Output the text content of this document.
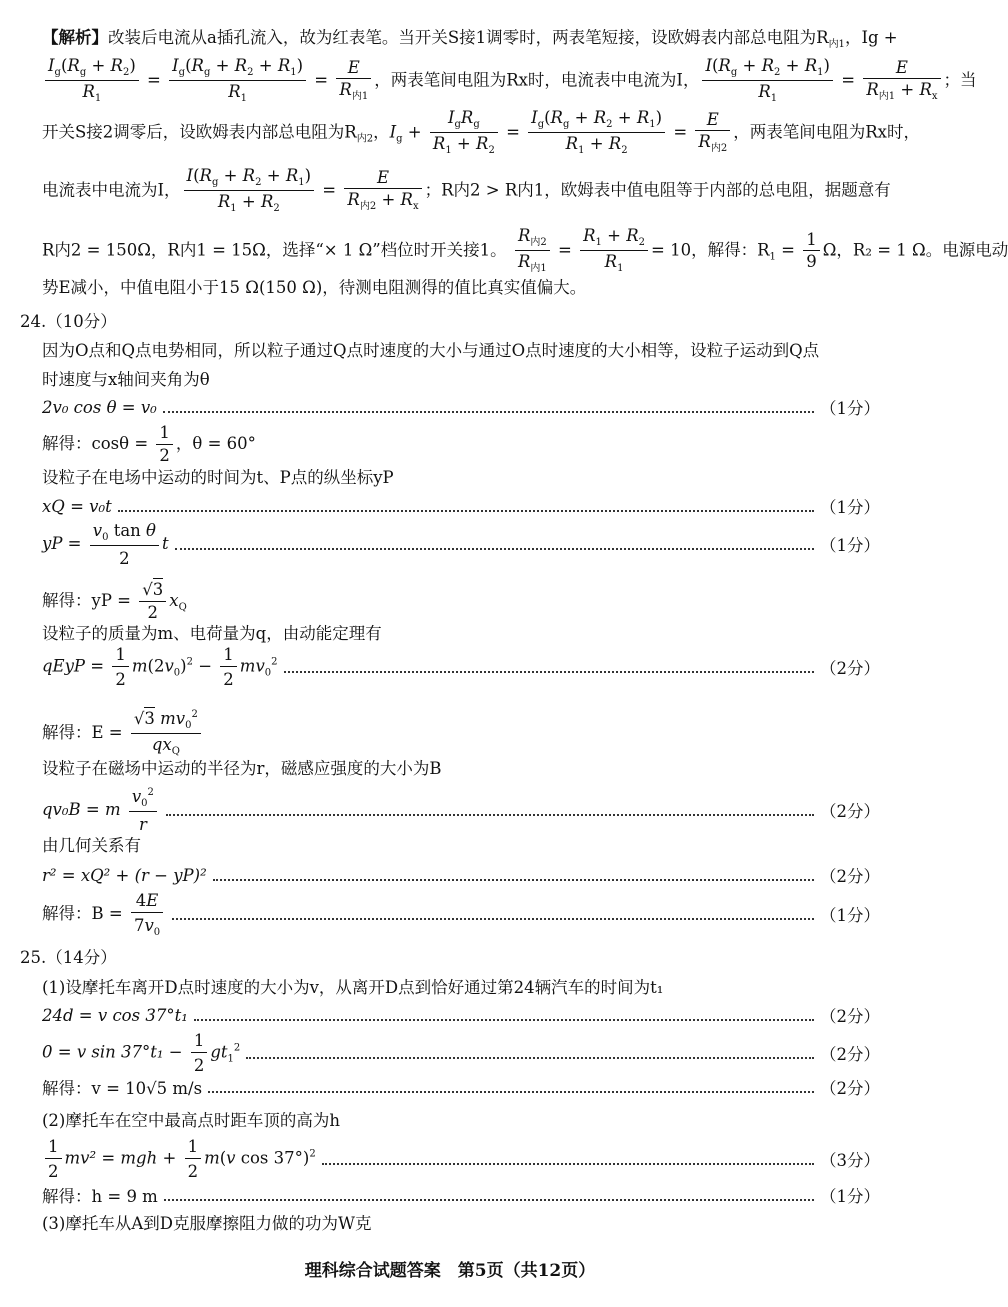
【解析】改装后电流从a插孔流入，故为红表笔。当开关S接1调零时，两表笔短接，设欧姆表内部总电阻为$R_{内1}$，Ig +
$\frac{I_g(R_g + R_2)}{R_1} = \frac{I_g(R_g + R_2 + R_1)}{R_1} = \frac{E}{R_{内1}}$ ，两表笔间电阻为Rx时，电流表中电流为I， $\frac{I(R_g + R_2 + R_1)}{R_1} = \frac{E}{R_{内1} + R_x}$ ；当
开关S接2调零后，设欧姆表内部总电阻为$R_{内2}$，$I_g + \frac{I_gR_g}{R_1 + R_2} = \frac{I_g(R_g + R_2 + R_1)}{R_1 + R_2} = \frac{E}{R_{内2}}$ ，两表笔间电阻为Rx时，
电流表中电流为I， $\frac{I(R_g + R_2 + R_1)}{R_1 + R_2} = \frac{E}{R_{内2} + R_x}$ ；R内2 > R内1，欧姆表中值电阻等于内部的总电阻，据题意有
R内2 = 150Ω，R内1 = 15Ω，选择“× 1 Ω”档位时开关接1。 $\frac{R_{内2}}{R_{内1}} = \frac{R_1 + R_2}{R_1} = 10$，解得：$R_1 = \frac{1}{9}$ Ω，R₂ = 1 Ω。电源电动
势E减小，中值电阻小于15 Ω(150 Ω)，待测电阻测得的值比真实值偏大。
24.（10分）
因为O点和Q点电势相同，所以粒子通过Q点时速度的大小与通过O点时速度的大小相等，设粒子运动到Q点
时速度与x轴间夹角为θ
2v₀ cos θ = v₀	（1分）
解得：$\cos\theta = \frac{1}{2}$ ，θ = 60°
设粒子在电场中运动的时间为t、P点的纵坐标yP
xQ = v₀t	（1分）
yP = $\frac{v_0 \tan \theta}{2}$ t	（1分）
解得：yP = $\frac{√3}{2} x_Q$
设粒子的质量为m、电荷量为q，由动能定理有
qEyP = $\frac{1}{2} m(2v_0)^2 - \frac{1}{2} mv_0^2$	（2分）
解得：$E = \frac{√3 mv_0^2}{qx_Q}$
设粒子在磁场中运动的半径为r，磁感应强度的大小为B
qv₀B = m $\frac{v_0^2}{r}$	（2分）
由几何关系有
r² = xQ² + (r − yP)²	（2分）
解得：$B = \frac{4E}{7v_0}$	（1分）
25.（14分）
(1)设摩托车离开D点时速度的大小为v，从离开D点到恰好通过第24辆汽车的时间为t₁
24d = v cos 37°t₁	（2分）
0 = v $\sin 37^\circ t_1 - \frac{1}{2} gt_1^2$	（2分）
解得：v = 10√5 m/s	（2分）
(2)摩托车在空中最高点时距车顶的高为h
$\frac{1}{2} mv^2$ = mgh + $\frac{1}{2} m(v$ cos 37°)$^2$	（3分）
解得：h = 9 m	（1分）
(3)摩托车从A到D克服摩擦阻力做的功为W克
理科综合试题答案　第5页（共12页）
